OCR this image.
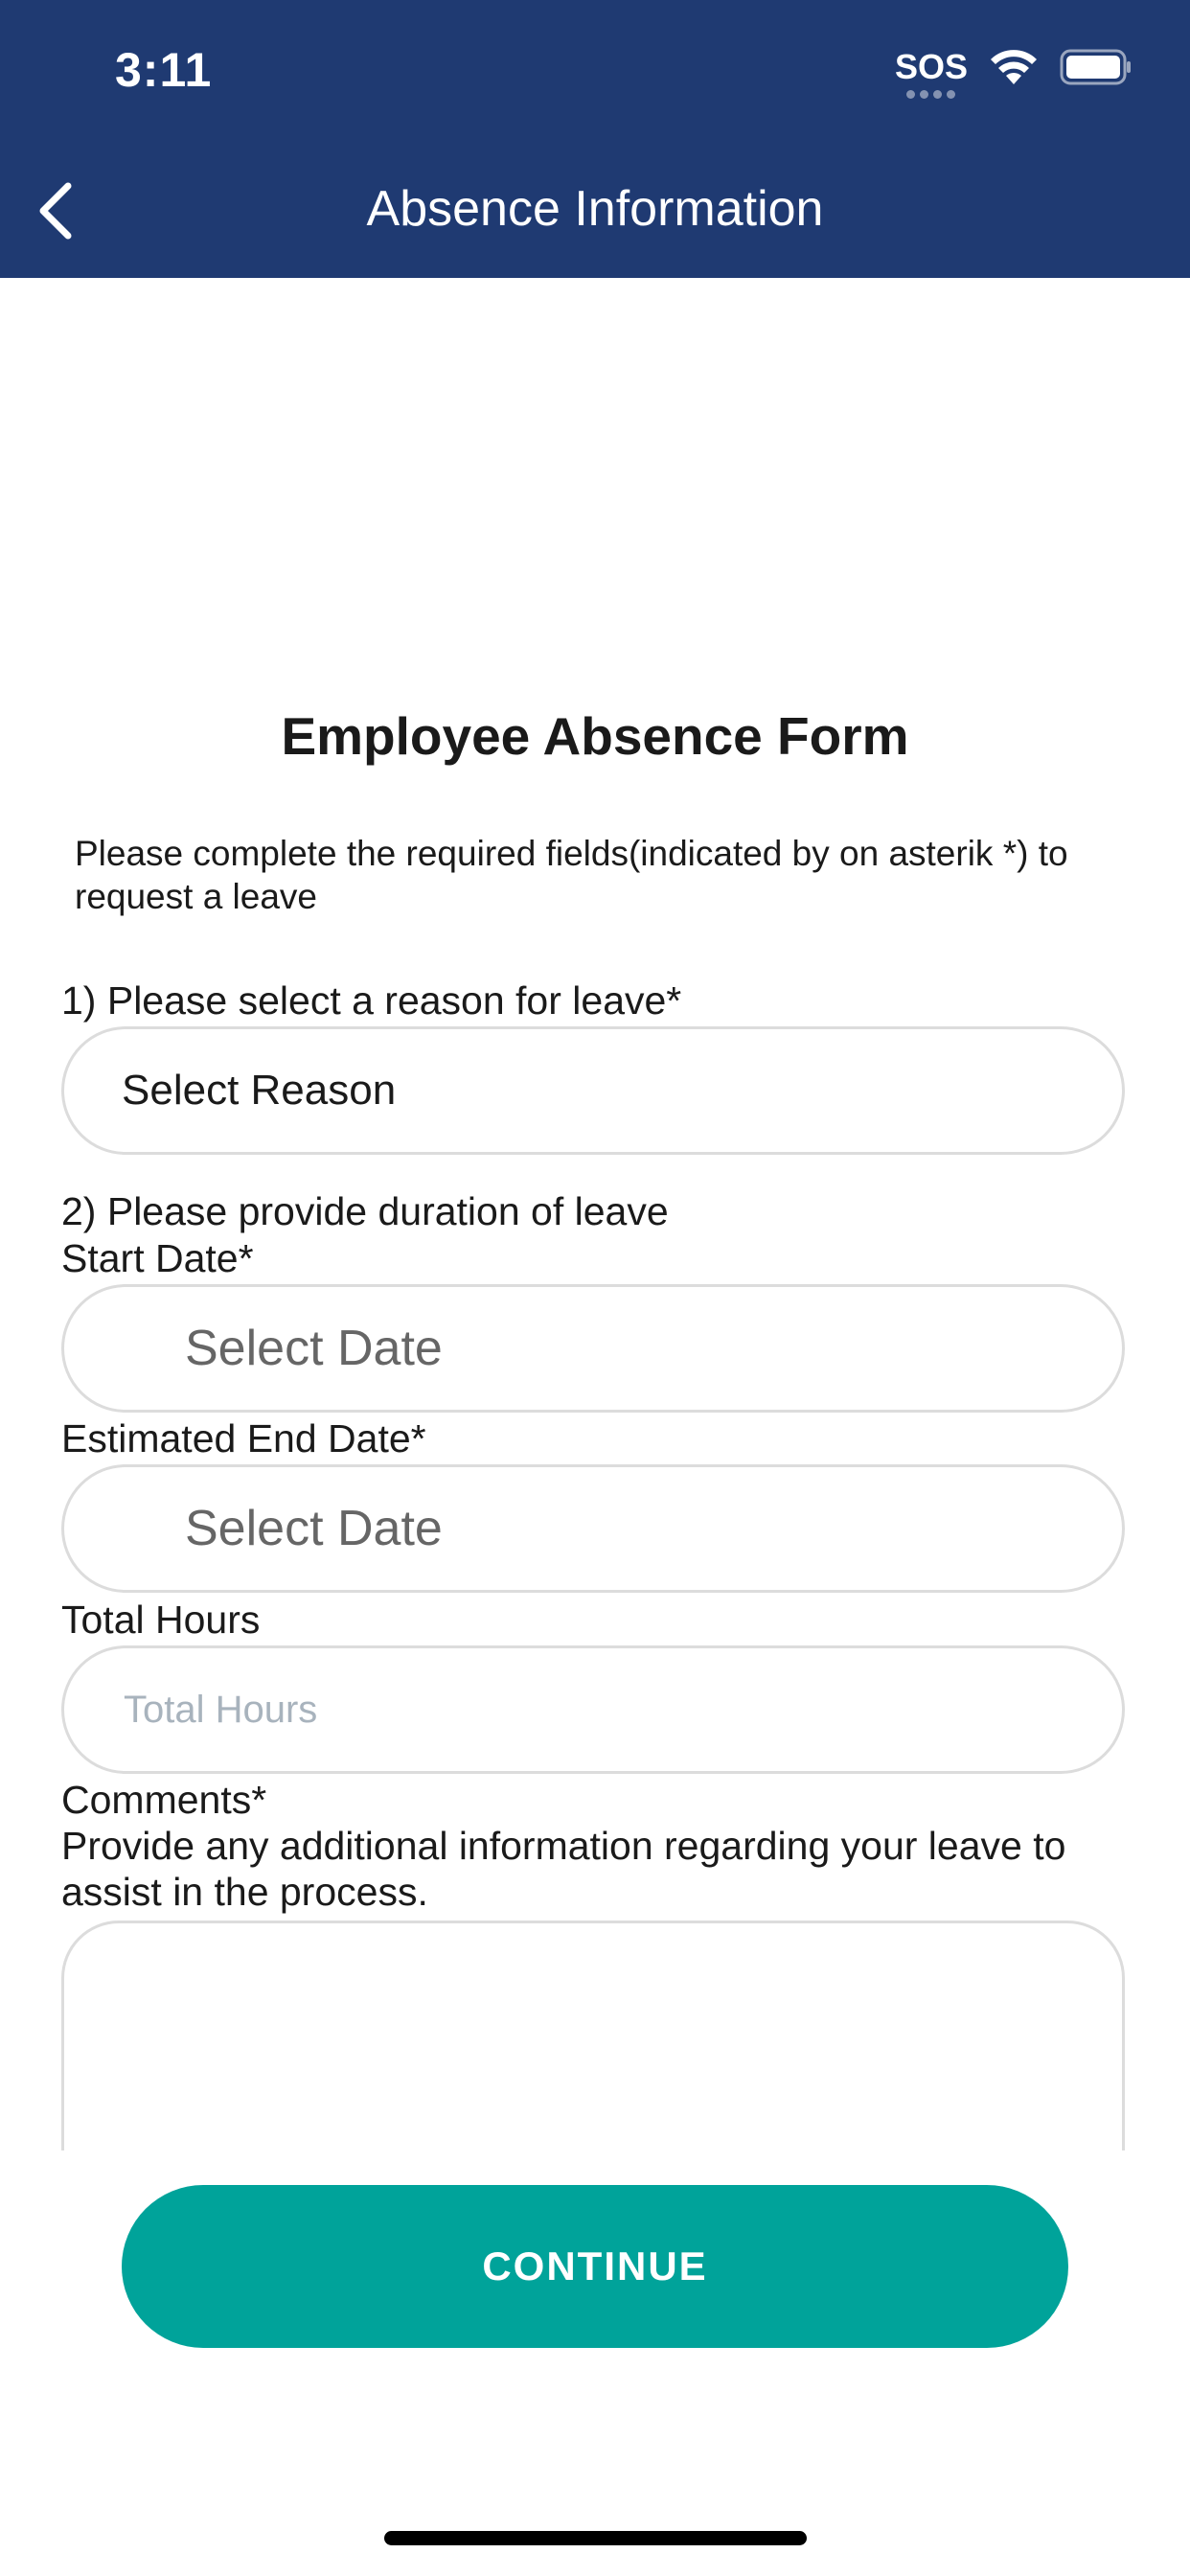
3:11	SOS
Absence Information
Employee Absence Form
Please complete the required fields(indicated by on asterik *) to request a leave
1) Please select a reason for leave*
Select Reason
2) Please provide duration of leave
Start Date*
Select Date
Estimated End Date*
Select Date
Total Hours
Total Hours
Comments*
Provide any additional information regarding your leave to assist in the process.
CONTINUE
